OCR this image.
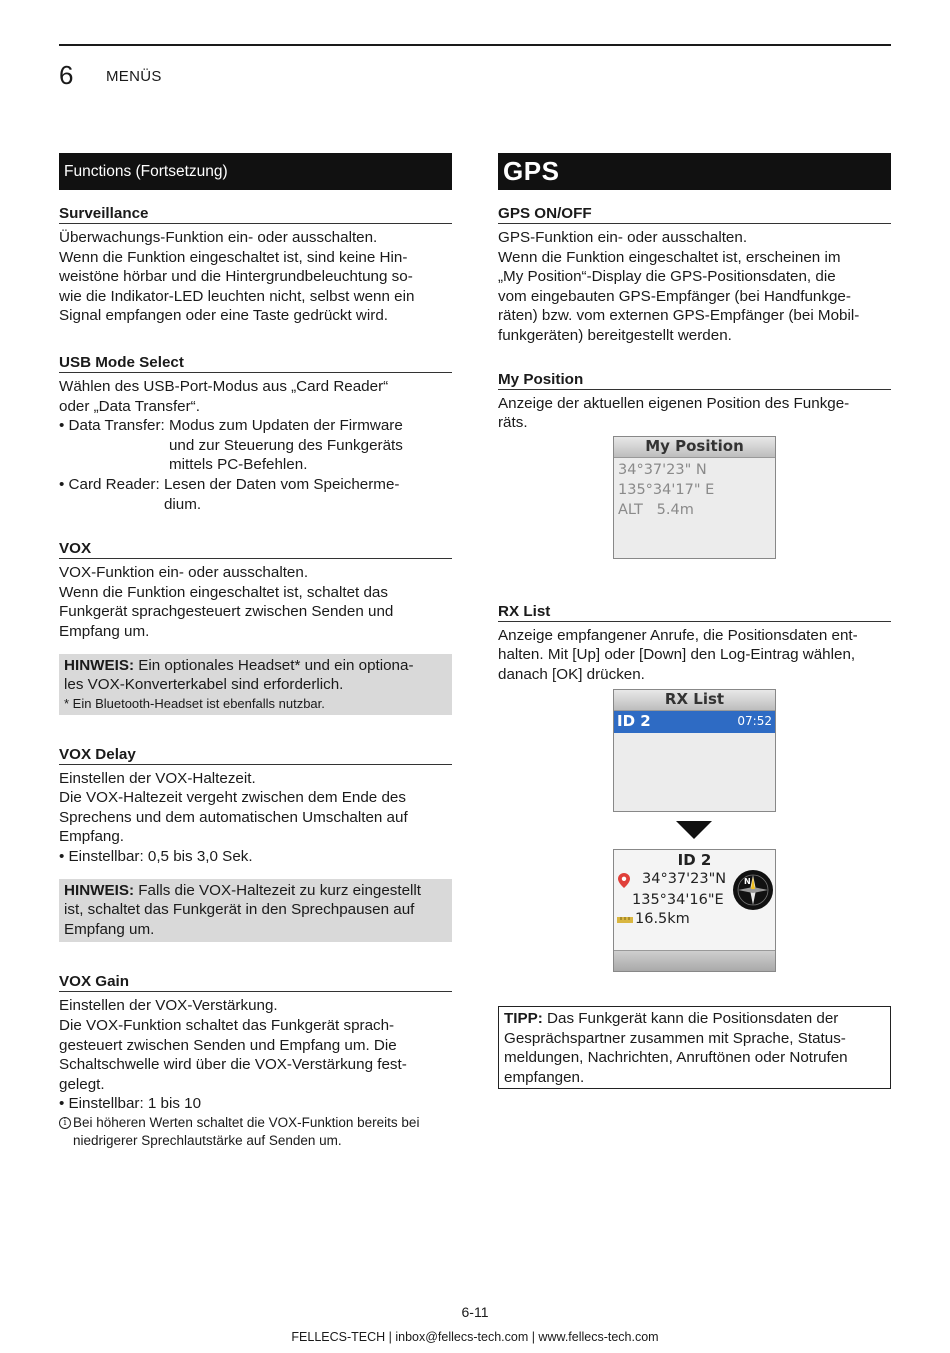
6 MENÜS
Functions (Fortsetzung)
Surveillance
Überwachungs-Funktion ein- oder ausschalten.
Wenn die Funktion eingeschaltet ist, sind keine Hin-
weistöne hörbar und die Hintergrundbeleuchtung so-
wie die Indikator-LED leuchten nicht, selbst wenn ein
Signal empfangen oder eine Taste gedrückt wird.
USB Mode Select
Wählen des USB-Port-Modus aus „Card Reader“
oder „Data Transfer“.
• Data Transfer: Modus zum Updaten der Firmware
und zur Steuerung des Funkgeräts
mittels PC-Befehlen.
• Card Reader: Lesen der Daten vom Speicherme-
dium.
VOX
VOX-Funktion ein- oder ausschalten.
Wenn die Funktion eingeschaltet ist, schaltet das
Funkgerät sprachgesteuert zwischen Senden und
Empfang um.
HINWEIS: Ein optionales Headset* und ein optiona-
les VOX-Konverterkabel sind erforderlich.
* Ein Bluetooth-Headset ist ebenfalls nutzbar.
VOX Delay
Einstellen der VOX-Haltezeit.
Die VOX-Haltezeit vergeht zwischen dem Ende des
Sprechens und dem automatischen Umschalten auf
Empfang.
• Einstellbar: 0,5 bis 3,0 Sek.
HINWEIS: Falls die VOX-Haltezeit zu kurz eingestellt
ist, schaltet das Funkgerät in den Sprechpausen auf
Empfang um.
VOX Gain
Einstellen der VOX-Verstärkung.
Die VOX-Funktion schaltet das Funkgerät sprach-
gesteuert zwischen Senden und Empfang um. Die
Schaltschwelle wird über die VOX-Verstärkung fest-
gelegt.
• Einstellbar: 1 bis 10
i Bei höheren Werten schaltet die VOX-Funktion bereits bei
niedrigerer Sprechlautstärke auf Senden um.
GPS
GPS ON/OFF
GPS-Funktion ein- oder ausschalten.
Wenn die Funktion eingeschaltet ist, erscheinen im
„My Position“-Display die GPS-Positionsdaten, die
vom eingebauten GPS-Empfänger (bei Handfunkge-
räten) bzw. vom externen GPS-Empfänger (bei Mobil-
funkgeräten) bereitgestellt werden.
My Position
Anzeige der aktuellen eigenen Position des Funkge-
räts.
RX List
Anzeige empfangener Anrufe, die Positionsdaten ent-
halten. Mit [Up] oder [Down] den Log-Eintrag wählen,
danach [OK] drücken.
My Position
34°37'23" N
135°34'17" E
ALT   5.4m
RX List
ID 2	07:52
ID 2
34°37'23"N
135°34'16"E
16.5km
N
TIPP: Das Funkgerät kann die Positionsdaten der
Gesprächspartner zusammen mit Sprache, Status-
meldungen, Nachrichten, Anruftönen oder Notrufen
empfangen.
6-11
FELLECS-TECH | inbox@fellecs-tech.com | www.fellecs-tech.com
